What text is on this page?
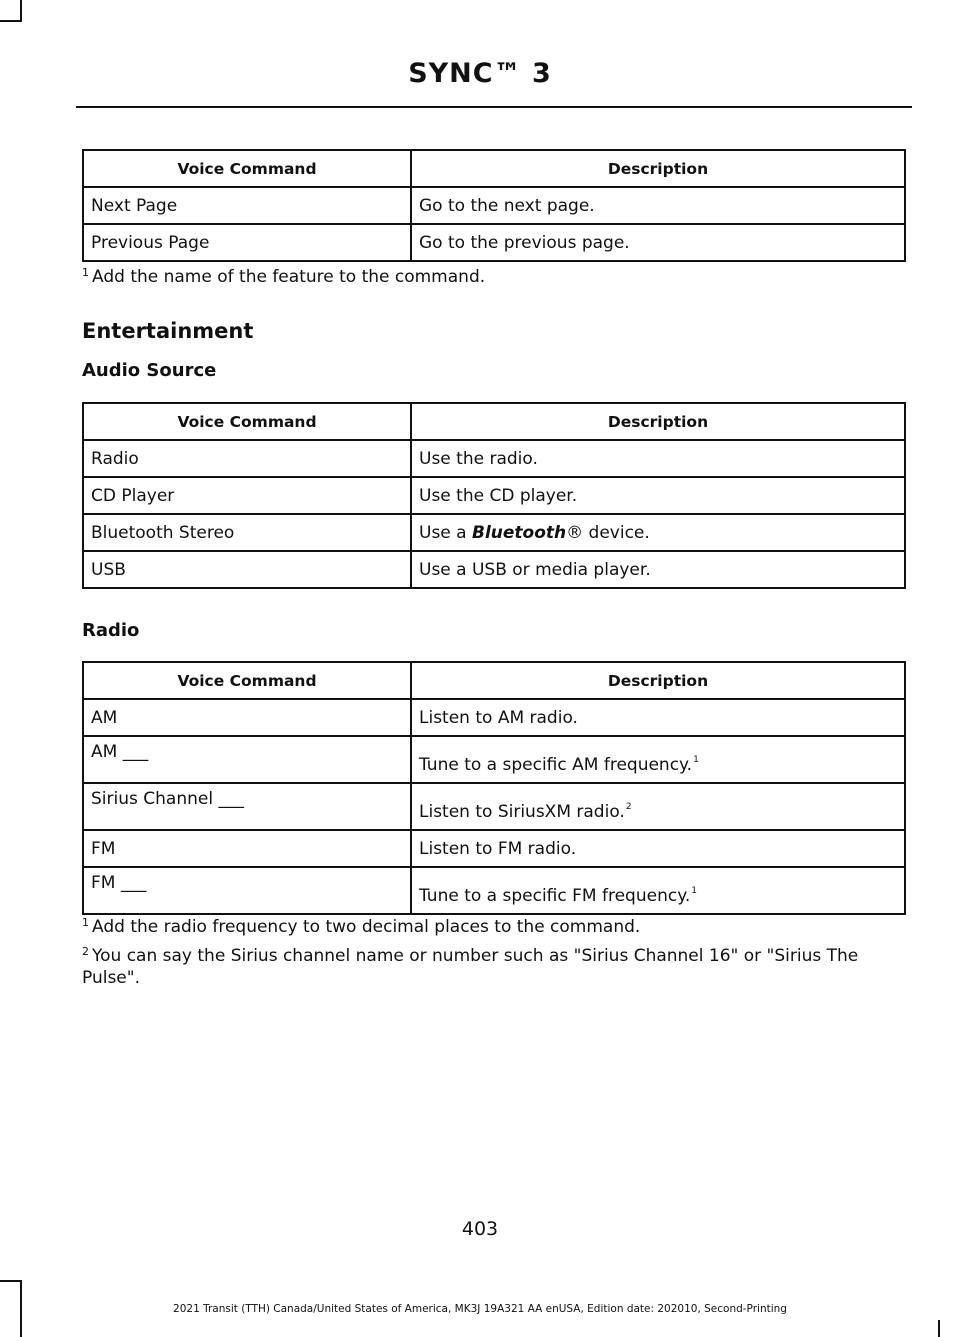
SYNC™ 3
Voice Command	Description
Next Page	Go to the next page.
Previous Page	Go to the previous page.
$^1$ Add the name of the feature to the command.
Entertainment
Audio Source
Voice Command	Description
Radio	Use the radio.
CD Player	Use the CD player.
Bluetooth Stereo	Use a Bluetooth® device.
USB	Use a USB or media player.
Radio
Voice Command	Description
AM	Listen to AM radio.
AM ___	Tune to a specific AM frequency.$^1$
Sirius Channel ___	Listen to SiriusXM radio.$^2$
FM	Listen to FM radio.
FM ___	Tune to a specific FM frequency.$^1$
$^1$ Add the radio frequency to two decimal places to the command.
$^2$ You can say the Sirius channel name or number such as "Sirius Channel 16" or "Sirius The Pulse".
403
2021 Transit (TTH) Canada/United States of America, MK3J 19A321 AA enUSA, Edition date: 202010, Second-Printing
